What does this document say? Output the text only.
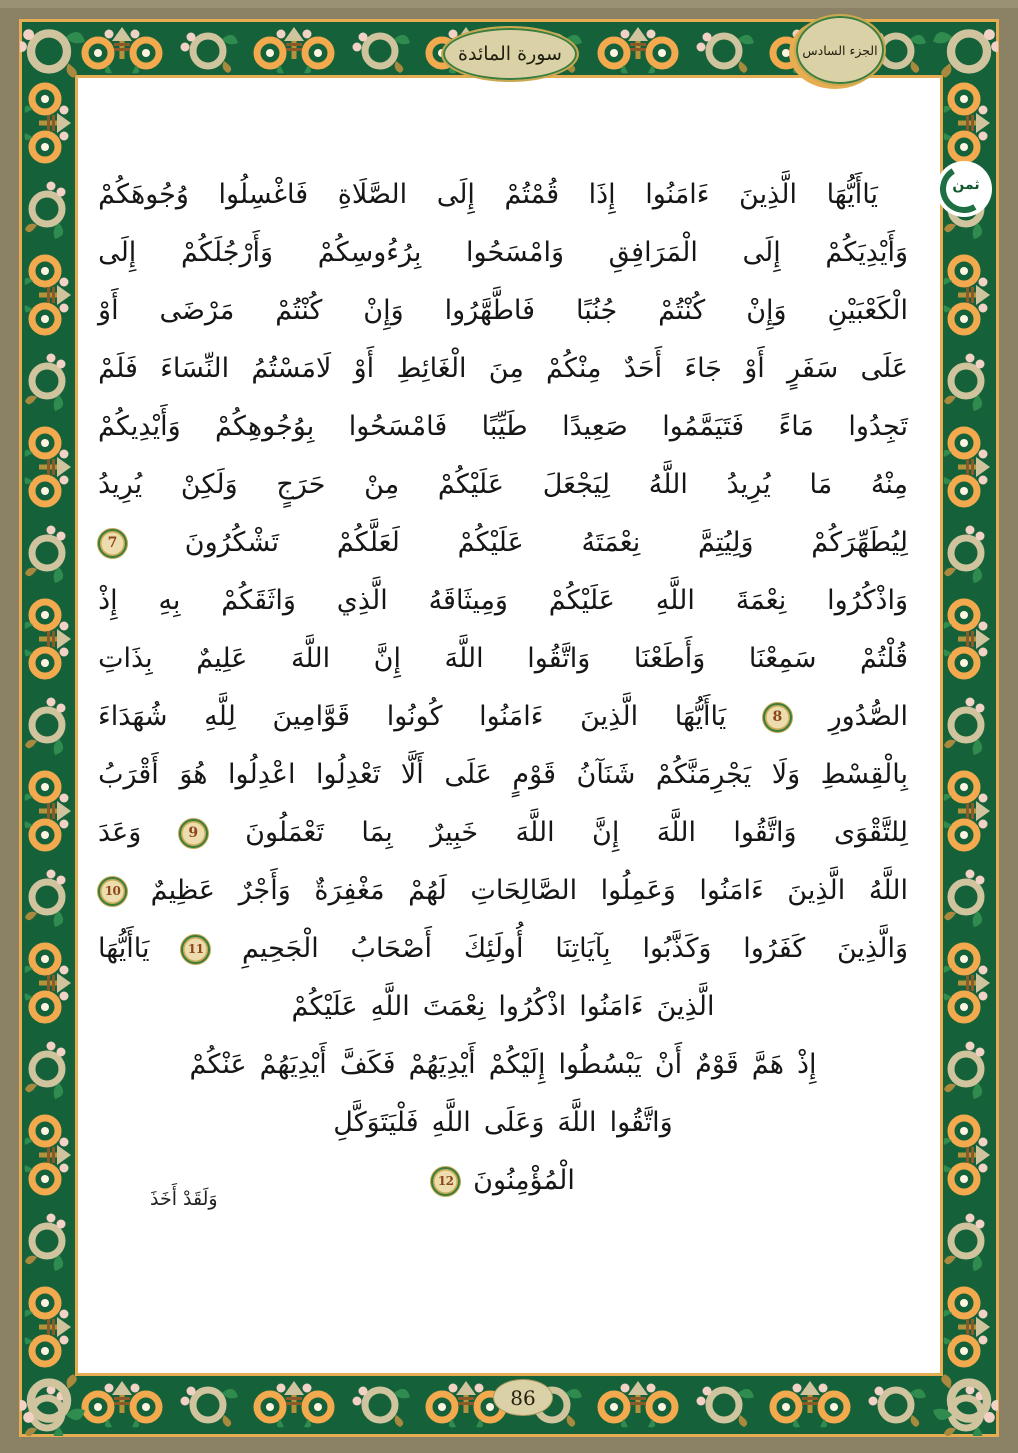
سورة المائدة	الجزء السادس
ثمن
يَاأَيُّهَا
الَّذِينَ
ءَامَنُوا
إِذَا
قُمْتُمْ
إِلَى
الصَّلَاةِ
فَاغْسِلُوا
وُجُوهَكُمْ
وَأَيْدِيَكُمْ
إِلَى
الْمَرَافِقِ
وَامْسَحُوا
بِرُءُوسِكُمْ
وَأَرْجُلَكُمْ
إِلَى
الْكَعْبَيْنِ
وَإِنْ
كُنْتُمْ
جُنُبًا
فَاطَّهَّرُوا
وَإِنْ
كُنْتُمْ
مَرْضَى
أَوْ
عَلَى
سَفَرٍ
أَوْ
جَاءَ
أَحَدٌ
مِنْكُمْ
مِنَ
الْغَائِطِ
أَوْ
لَامَسْتُمُ
النِّسَاءَ
فَلَمْ
تَجِدُوا
مَاءً
فَتَيَمَّمُوا
صَعِيدًا
طَيِّبًا
فَامْسَحُوا
بِوُجُوهِكُمْ
وَأَيْدِيكُمْ
مِنْهُ
مَا
يُرِيدُ
اللَّهُ
لِيَجْعَلَ
عَلَيْكُمْ
مِنْ
حَرَجٍ
وَلَكِنْ
يُرِيدُ
لِيُطَهِّرَكُمْ
وَلِيُتِمَّ
نِعْمَتَهُ
عَلَيْكُمْ
لَعَلَّكُمْ
تَشْكُرُونَ
7
وَاذْكُرُوا
نِعْمَةَ
اللَّهِ
عَلَيْكُمْ
وَمِيثَاقَهُ
الَّذِي
وَاثَقَكُمْ
بِهِ
إِذْ
قُلْتُمْ
سَمِعْنَا
وَأَطَعْنَا
وَاتَّقُوا
اللَّهَ
إِنَّ
اللَّهَ
عَلِيمٌ
بِذَاتِ
الصُّدُورِ
8
يَاأَيُّهَا
الَّذِينَ
ءَامَنُوا
كُونُوا
قَوَّامِينَ
لِلَّهِ
شُهَدَاءَ
بِالْقِسْطِ
وَلَا
يَجْرِمَنَّكُمْ
شَنَآنُ
قَوْمٍ
عَلَى
أَلَّا
تَعْدِلُوا
اعْدِلُوا
هُوَ
أَقْرَبُ
لِلتَّقْوَى
وَاتَّقُوا
اللَّهَ
إِنَّ
اللَّهَ
خَبِيرٌ
بِمَا
تَعْمَلُونَ
9
وَعَدَ
اللَّهُ
الَّذِينَ
ءَامَنُوا
وَعَمِلُوا
الصَّالِحَاتِ
لَهُمْ
مَغْفِرَةٌ
وَأَجْرٌ
عَظِيمٌ
10
وَالَّذِينَ
كَفَرُوا
وَكَذَّبُوا
بِآيَاتِنَا
أُولَئِكَ
أَصْحَابُ
الْجَحِيمِ
11
يَاأَيُّهَا
الَّذِينَ
ءَامَنُوا
اذْكُرُوا
نِعْمَتَ
اللَّهِ
عَلَيْكُمْ
إِذْ
هَمَّ
قَوْمٌ
أَنْ
يَبْسُطُوا
إِلَيْكُمْ
أَيْدِيَهُمْ
فَكَفَّ
أَيْدِيَهُمْ
عَنْكُمْ
وَاتَّقُوا
اللَّهَ
وَعَلَى
اللَّهِ
فَلْيَتَوَكَّلِ
الْمُؤْمِنُونَ
12
وَلَقَدْ أَخَذَ
86
